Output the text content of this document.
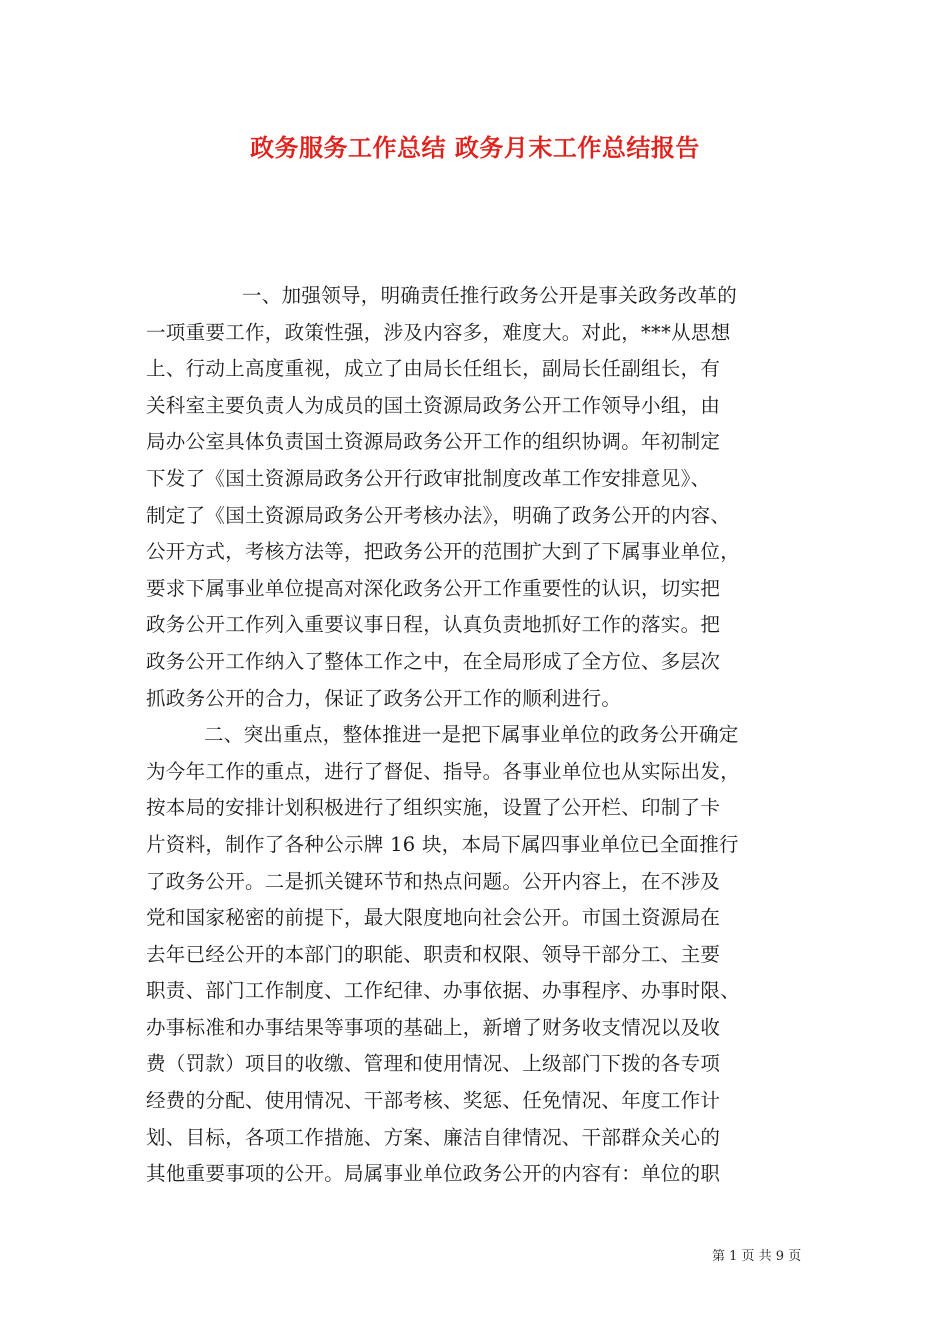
政务服务工作总结 政务月末工作总结报告
一、加强领导，明确责任推行政务公开是事关政务改革的
一项重要工作，政策性强，涉及内容多，难度大。对此，***从思想
上、行动上高度重视，成立了由局长任组长，副局长任副组长，有
关科室主要负责人为成员的国土资源局政务公开工作领导小组，由
局办公室具体负责国土资源局政务公开工作的组织协调。年初制定
下发了《国土资源局政务公开行政审批制度改革工作安排意见》、
制定了《国土资源局政务公开考核办法》，明确了政务公开的内容、
公开方式，考核方法等，把政务公开的范围扩大到了下属事业单位，
要求下属事业单位提高对深化政务公开工作重要性的认识，切实把
政务公开工作列入重要议事日程，认真负责地抓好工作的落实。把
政务公开工作纳入了整体工作之中，在全局形成了全方位、多层次
抓政务公开的合力，保证了政务公开工作的顺利进行。
二、突出重点，整体推进一是把下属事业单位的政务公开确定
为今年工作的重点，进行了督促、指导。各事业单位也从实际出发，
按本局的安排计划积极进行了组织实施，设置了公开栏、印制了卡
片资料，制作了各种公示牌 16 块，本局下属四事业单位已全面推行
了政务公开。二是抓关键环节和热点问题。公开内容上，在不涉及
党和国家秘密的前提下，最大限度地向社会公开。市国土资源局在
去年已经公开的本部门的职能、职责和权限、领导干部分工、主要
职责、部门工作制度、工作纪律、办事依据、办事程序、办事时限、
办事标准和办事结果等事项的基础上，新增了财务收支情况以及收
费（罚款）项目的收缴、管理和使用情况、上级部门下拨的各专项
经费的分配、使用情况、干部考核、奖惩、任免情况、年度工作计
划、目标，各项工作措施、方案、廉洁自律情况、干部群众关心的
其他重要事项的公开。局属事业单位政务公开的内容有：单位的职
第 1 页 共 9 页
